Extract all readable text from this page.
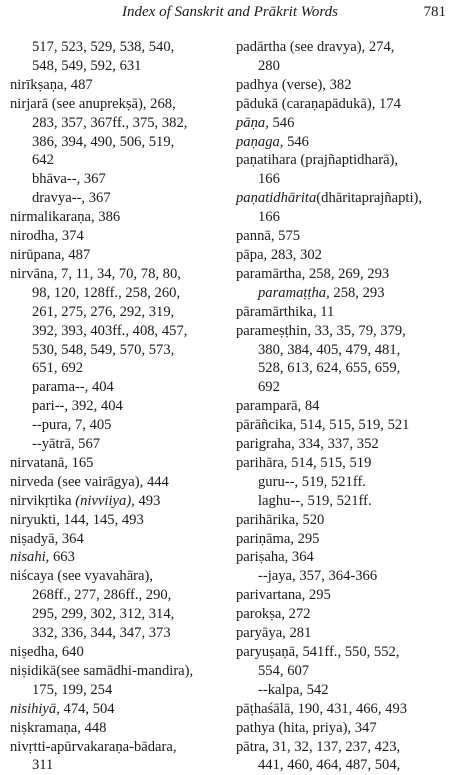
Index of Sanskrit and Prākrit Words	781
517, 523, 529, 538, 540,
548, 549, 592, 631
nirīkṣaṇa, 487
nirjarā (see anuprekṣā), 268,
283, 357, 367ff., 375, 382,
386, 394, 490, 506, 519,
642
bhāva--, 367
dravya--, 367
nirmalikaraṇa, 386
nirodha, 374
nirūpana, 487
nirvāna, 7, 11, 34, 70, 78, 80,
98, 120, 128ff., 258, 260,
261, 275, 276, 292, 319,
392, 393, 403ff., 408, 457,
530, 548, 549, 570, 573,
651, 692
parama--, 404
pari--, 392, 404
--pura, 7, 405
--yātrā, 567
nirvatanā, 165
nirveda (see vairāgya), 444
nirvikṛtika (nivviiya), 493
niryukti, 144, 145, 493
niṣadyā, 364
nisahi, 663
niścaya (see vyavahāra),
268ff., 277, 286ff., 290,
295, 299, 302, 312, 314,
332, 336, 344, 347, 373
niṣedha, 640
niṣidikā(see samādhi-mandira),
175, 199, 254
nisihiyā, 474, 504
niṣkramaṇa, 448
nivṛtti-apūrvakaraṇa-bādara,
311
padārtha (see dravya), 274,
280
padhya (verse), 382
pādukā (caraṇapādukā), 174
pāṇa, 546
paṇaga, 546
paṇatihara (prajñaptidharā),
166
paṇatidhārita(dhāritaprajñapti),
166
pannā, 575
pāpa, 283, 302
paramārtha, 258, 269, 293
paramaṭṭha, 258, 293
pāramārthika, 11
parameṣṭhin, 33, 35, 79, 379,
380, 384, 405, 479, 481,
528, 613, 624, 655, 659,
692
paramparā, 84
pārāñcika, 514, 515, 519, 521
parigraha, 334, 337, 352
parihāra, 514, 515, 519
guru--, 519, 521ff.
laghu--, 519, 521ff.
parihārika, 520
pariṇāma, 295
pariṣaha, 364
--jaya, 357, 364-366
parivartana, 295
parokṣa, 272
paryāya, 281
paryuṣaṇā, 541ff., 550, 552,
554, 607
--kalpa, 542
pāṭhaśālā, 190, 431, 466, 493
pathya (hita, priya), 347
pātra, 31, 32, 137, 237, 423,
441, 460, 464, 487, 504,
